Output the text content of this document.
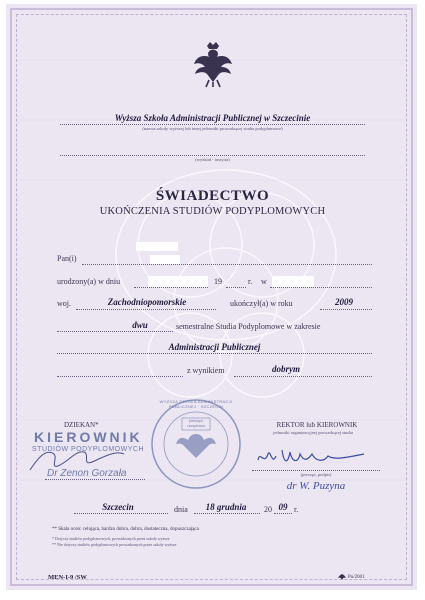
Wyższa Szkoła Administracji Publicznej w Szczecinie
(nazwa szkoły wyższej lub innej jednostki prowadzącej studia podyplomowe)
(wydział - instytut)
ŚWIADECTWO
UKOŃCZENIA STUDIÓW PODYPLOMOWYCH
Pan(i)
urodzony(a) w dniu	19	r. w
woj.	Zachodniopomorskie	ukończył(a) w roku	2009
dwu	semestralne Studia Podyplomowe w zakresie
Administracji Publicznej
z wynikiem	dobrym
DZIEKAN*
KIEROWNIK
STUDIÓW PODYPLOMOWYCH
Dr Zenon Gorzała
WYŻSZA SZKOŁA ADMINISTRACJI PUBLICZNEJ · SZCZECIN
pieczęć urzędowa	REKTOR lub KIEROWNIK
jednostki organizacyjnej prowadzącej studia
(pieczęć, podpis)
dr W. Puzyna
Szczecin	dnia	18 grudnia	20 09 r.
** Skala ocen: celująca, bardzo dobra, dobra, dostateczna, dopuszczająca
* Dotyczy studiów podyplomowych, prowadzonych przez szkoły wyższe
** Nie dotyczy studiów podyplomowych prowadzonych przez szkoły wyższe
MEN-I-9 /SW	Pu/2001
